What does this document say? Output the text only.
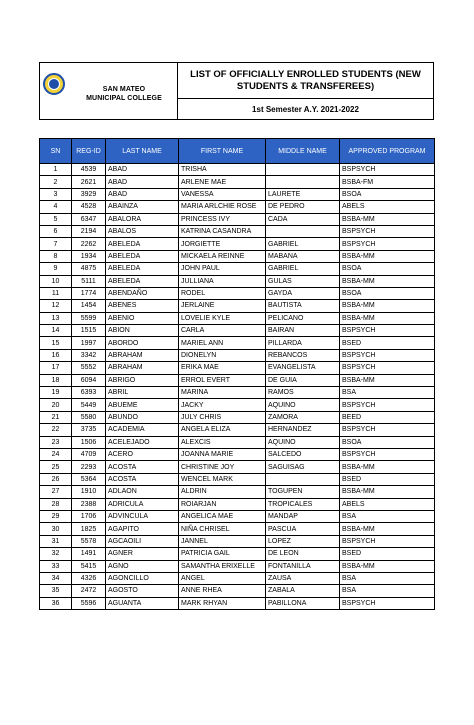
SAN MATEO
MUNICIPAL COLLEGE
LIST OF OFFICIALLY ENROLLED STUDENTS (NEW STUDENTS & TRANSFEREES)
1st Semester A.Y. 2021-2022
SN	REG-ID	LAST NAME	FIRST NAME	MIDDLE NAME	APPROVED PROGRAM
1	4539	ABAD	TRISHA		BSPSYCH
2	2621	ABAD	ARLENE MAE		BSBA-FM
3	3929	ABAD	VANESSA	LAURETE	BSOA
4	4528	ABAINZA	MARIA ARLCHIE ROSE	DE PEDRO	ABELS
5	6347	ABALORA	PRINCESS IVY	CADA	BSBA-MM
6	2194	ABALOS	KATRINA CASANDRA		BSPSYCH
7	2262	ABELEDA	JORGIETTE	GABRIEL	BSPSYCH
8	1934	ABELEDA	MICKAELA REINNE	MABANA	BSBA-MM
9	4875	ABELEDA	JOHN PAUL	GABRIEL	BSOA
10	5111	ABELEDA	JULLIANA	GULAS	BSBA-MM
11	1774	ABENDAÑO	RODEL	GAYDA	BSOA
12	1454	ABENES	JERLAINE	BAUTISTA	BSBA-MM
13	5599	ABENIO	LOVELIE KYLE	PELICANO	BSBA-MM
14	1515	ABION	CARLA	BAIRAN	BSPSYCH
15	1997	ABORDO	MARIEL ANN	PILLARDA	BSED
16	3342	ABRAHAM	DIONELYN	REBANCOS	BSPSYCH
17	5552	ABRAHAM	ERIKA MAE	EVANGELISTA	BSPSYCH
18	6094	ABRIGO	ERROL EVERT	DE GUIA	BSBA-MM
19	6393	ABRIL	MARINA	RAMOS	BSA
20	5449	ABUEME	JACKY	AQUINO	BSPSYCH
21	5580	ABUNDO	JULY CHRIS	ZAMORA	BEED
22	3735	ACADEMIA	ANGELA ELIZA	HERNANDEZ	BSPSYCH
23	1506	ACELEJADO	ALEXCIS	AQUINO	BSOA
24	4709	ACERO	JOANNA MARIE	SALCEDO	BSPSYCH
25	2293	ACOSTA	CHRISTINE JOY	SAGUISAG	BSBA-MM
26	5364	ACOSTA	WENCEL MARK		BSED
27	1910	ADLAON	ALDRIN	TOGUPEN	BSBA-MM
28	2388	ADRICULA	ROIARJAN	TROPICALES	ABELS
29	1706	ADVINCULA	ANGELICA MAE	MANDAP	BSA
30	1825	AGAPITO	NIÑA CHRISEL	PASCUA	BSBA-MM
31	5578	AGCAOILI	JANNEL	LOPEZ	BSPSYCH
32	1491	AGNER	PATRICIA GAIL	DE LEON	BSED
33	5415	AGNO	SAMANTHA ERIXELLE	FONTANILLA	BSBA-MM
34	4326	AGONCILLO	ANGEL	ZAUSA	BSA
35	2472	AGOSTO	ANNE RHEA	ZABALA	BSA
36	5596	AGUANTA	MARK RHYAN	PABILLONA	BSPSYCH
